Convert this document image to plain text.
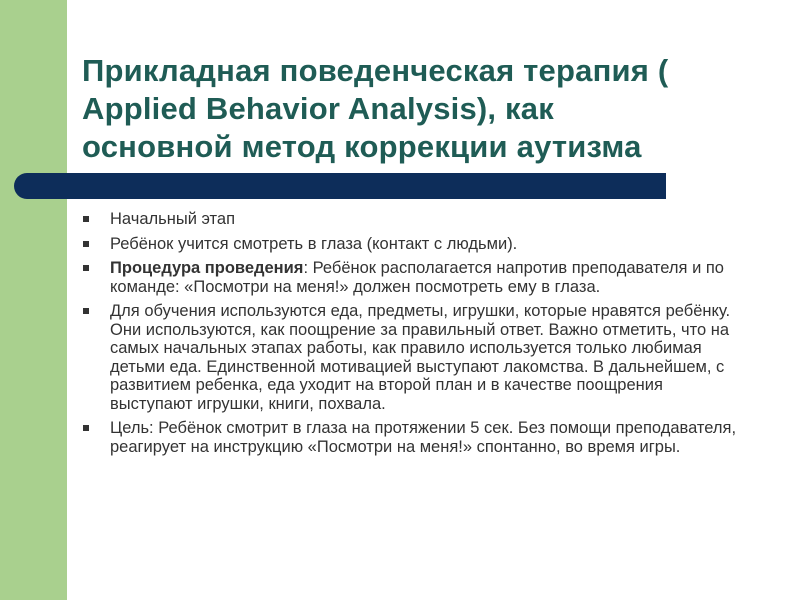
Прикладная поведенческая терапия (
Applied Behavior Analysis), как
основной метод коррекции аутизма
Начальный этап
Ребёнок учится смотреть в глаза (контакт с людьми).
Процедура проведения: Ребёнок располагается напротив преподавателя и по команде: «Посмотри на меня!» должен посмотреть ему в глаза.
Для обучения используются еда, предметы, игрушки, которые нравятся ребёнку. Они используются, как поощрение за правильный ответ. Важно отметить, что на самых начальных этапах работы, как правило используется только любимая детьми еда. Единственной мотивацией выступают лакомства. В дальнейшем, с развитием ребенка, еда уходит на второй план и в качестве поощрения выступают игрушки, книги, похвала.
Цель: Ребёнок смотрит в глаза на протяжении 5 сек. Без помощи преподавателя, реагирует на инструкцию «Посмотри на меня!» спонтанно, во время игры.
